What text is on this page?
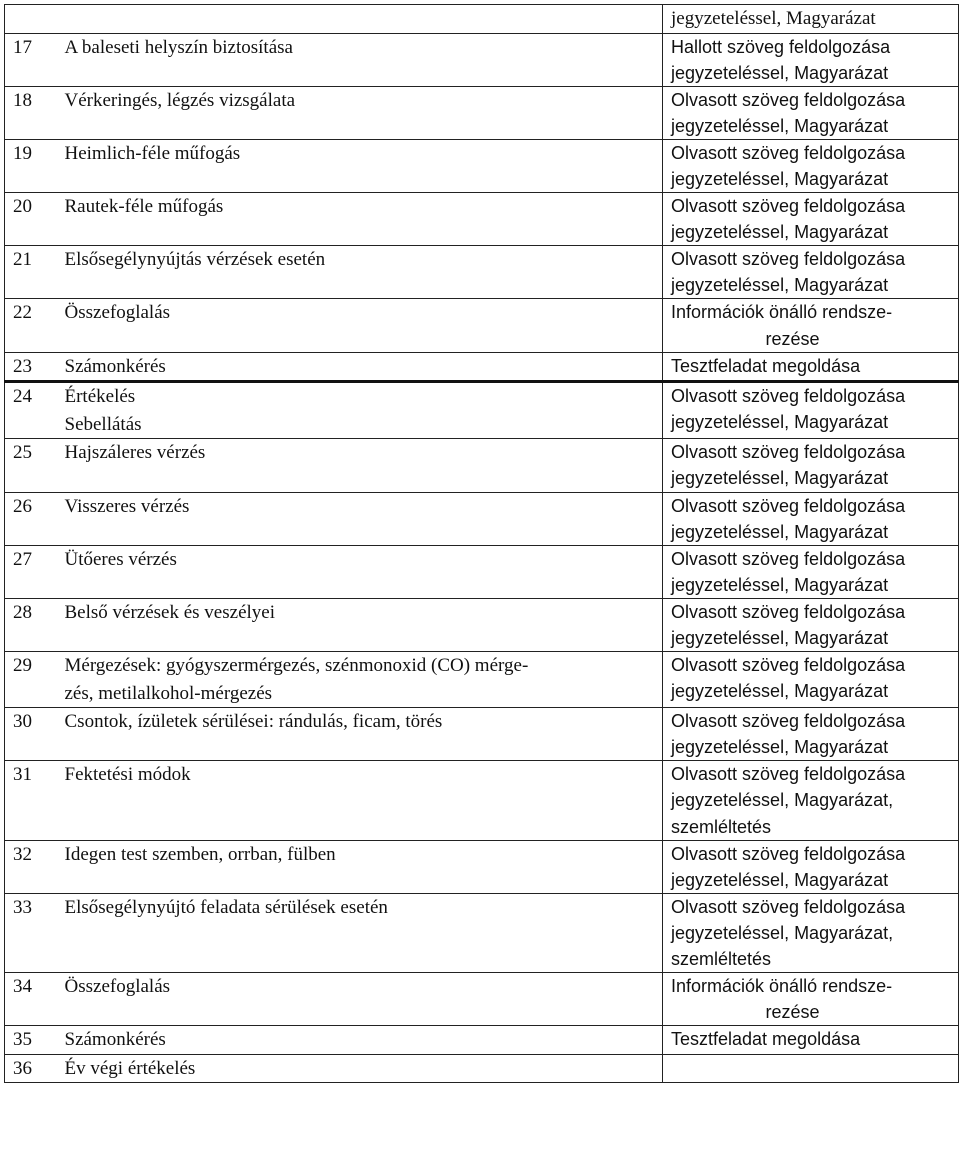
		jegyzeteléssel, Magyarázat

17	A baleseti helyszín biztosítása	Hallott szöveg feldolgozása
jegyzeteléssel, Magyarázat

18	Vérkeringés, légzés vizsgálata	Olvasott szöveg feldolgozása
jegyzeteléssel, Magyarázat

19	Heimlich-féle műfogás	Olvasott szöveg feldolgozása
jegyzeteléssel, Magyarázat

20	Rautek-féle műfogás	Olvasott szöveg feldolgozása
jegyzeteléssel, Magyarázat

21	Elsősegélynyújtás vérzések esetén	Olvasott szöveg feldolgozása
jegyzeteléssel, Magyarázat

22	Összefoglalás	Információk önálló rendsze-
rezése

23	Számonkérés	Tesztfeladat megoldása

24	Értékelés
Sebellátás	Olvasott szöveg feldolgozása
jegyzeteléssel, Magyarázat

25	Hajszáleres vérzés	Olvasott szöveg feldolgozása
jegyzeteléssel, Magyarázat

26	Visszeres vérzés	Olvasott szöveg feldolgozása
jegyzeteléssel, Magyarázat

27	Ütőeres vérzés	Olvasott szöveg feldolgozása
jegyzeteléssel, Magyarázat

28	Belső vérzések és veszélyei	Olvasott szöveg feldolgozása
jegyzeteléssel, Magyarázat

29	Mérgezések: gyógyszermérgezés, szénmonoxid (CO) mérge-
zés, metilalkohol-mérgezés	Olvasott szöveg feldolgozása
jegyzeteléssel, Magyarázat

30	Csontok, ízületek sérülései: rándulás, ficam, törés	Olvasott szöveg feldolgozása
jegyzeteléssel, Magyarázat

31	Fektetési módok	Olvasott szöveg feldolgozása
jegyzeteléssel, Magyarázat,
szemléltetés

32	Idegen test szemben, orrban, fülben	Olvasott szöveg feldolgozása
jegyzeteléssel, Magyarázat

33	Elsősegélynyújtó feladata sérülések esetén	Olvasott szöveg feldolgozása
jegyzeteléssel, Magyarázat,
szemléltetés

34	Összefoglalás	Információk önálló rendsze-
rezése

35	Számonkérés	Tesztfeladat megoldása

36	Év végi értékelés	
